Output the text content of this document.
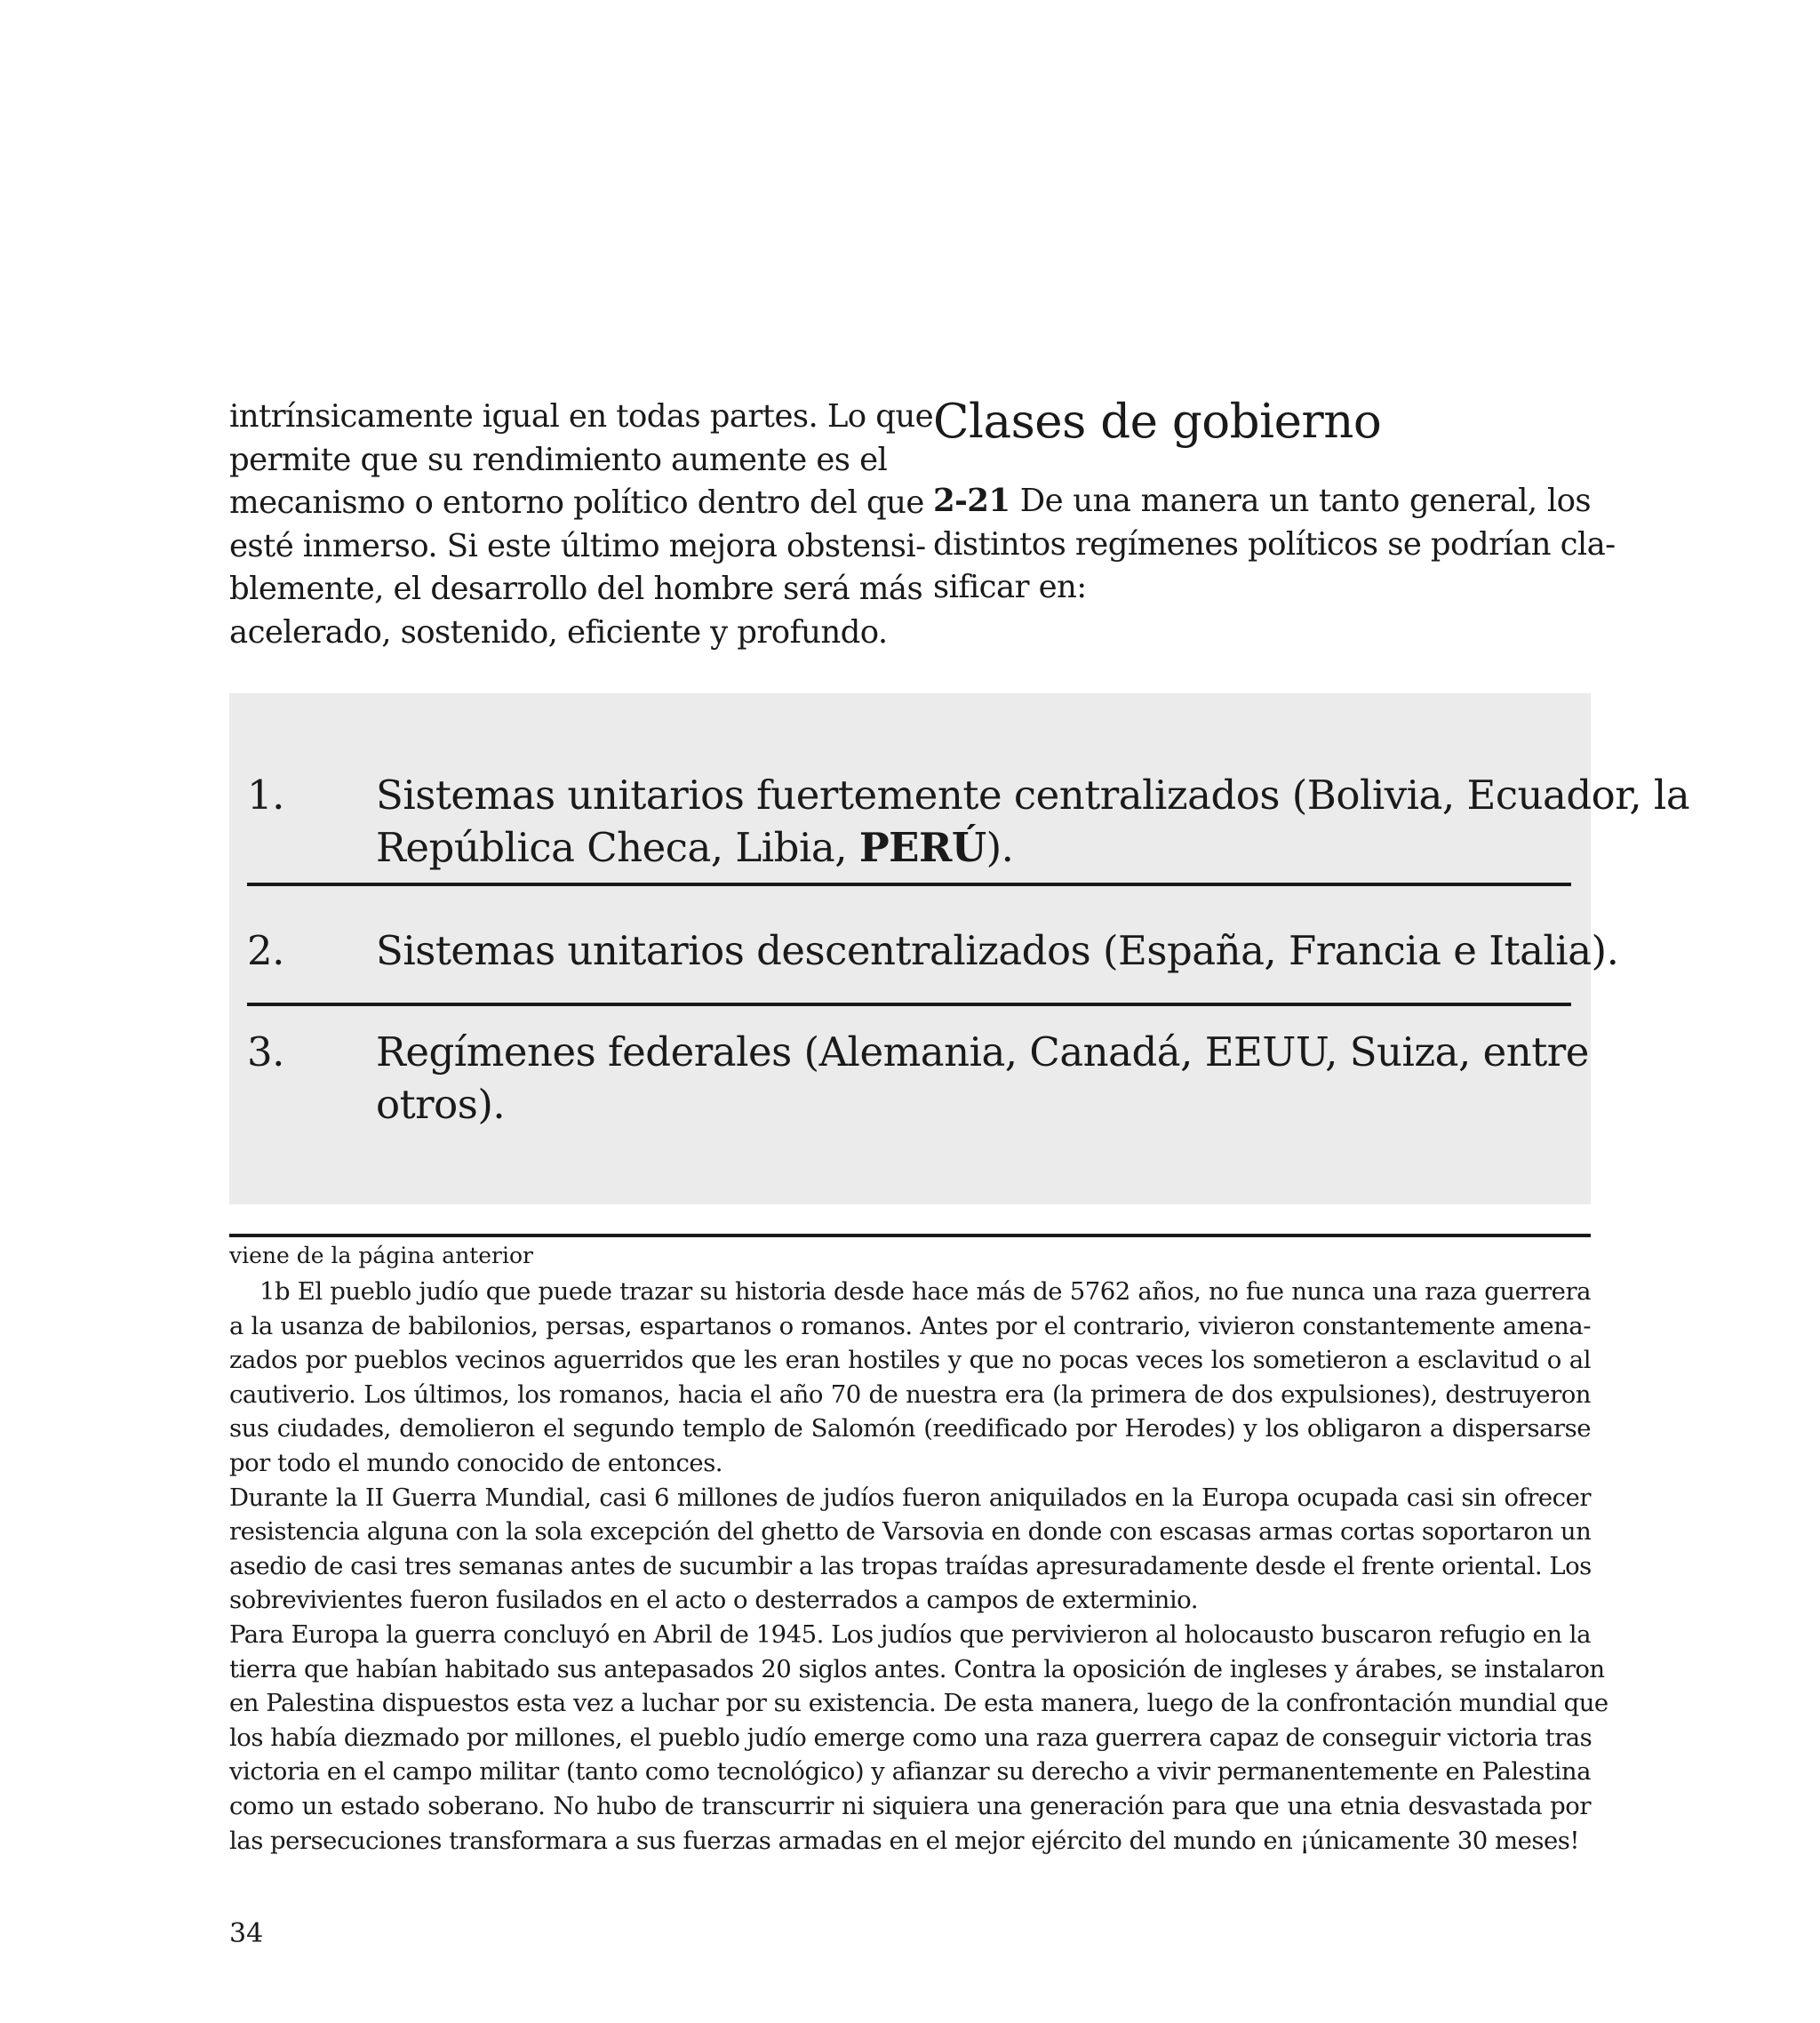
intrínsicamente igual en todas partes. Lo que
permite que su rendimiento aumente es el
mecanismo o entorno político dentro del que
esté inmerso. Si este último mejora obstensi-
blemente, el desarrollo del hombre será más
acelerado, sostenido, eficiente y profundo.
Clases de gobierno
2-21 De una manera un tanto general, los
distintos regímenes políticos se podrían cla-
sificar en:
1. Sistemas unitarios fuertemente centralizados (Bolivia, Ecuador, la
República Checa, Libia, PERÚ).
2. Sistemas unitarios descentralizados (España, Francia e Italia).
3. Regímenes federales (Alemania, Canadá, EEUU, Suiza, entre
otros).
viene de la página anterior
1b El pueblo judío que puede trazar su historia desde hace más de 5762 años, no fue nunca una raza guerrera
a la usanza de babilonios, persas, espartanos o romanos. Antes por el contrario, vivieron constantemente amena-
zados por pueblos vecinos aguerridos que les eran hostiles y que no pocas veces los sometieron a esclavitud o al
cautiverio. Los últimos, los romanos, hacia el año 70 de nuestra era (la primera de dos expulsiones), destruyeron
sus ciudades, demolieron el segundo templo de Salomón (reedificado por Herodes) y los obligaron a dispersarse
por todo el mundo conocido de entonces.
Durante la II Guerra Mundial, casi 6 millones de judíos fueron aniquilados en la Europa ocupada casi sin ofrecer
resistencia alguna con la sola excepción del ghetto de Varsovia en donde con escasas armas cortas soportaron un
asedio de casi tres semanas antes de sucumbir a las tropas traídas apresuradamente desde el frente oriental. Los
sobrevivientes fueron fusilados en el acto o desterrados a campos de exterminio.
Para Europa la guerra concluyó en Abril de 1945. Los judíos que pervivieron al holocausto buscaron refugio en la
tierra que habían habitado sus antepasados 20 siglos antes. Contra la oposición de ingleses y árabes, se instalaron
en Palestina dispuestos esta vez a luchar por su existencia. De esta manera, luego de la confrontación mundial que
los había diezmado por millones, el pueblo judío emerge como una raza guerrera capaz de conseguir victoria tras
victoria en el campo militar (tanto como tecnológico) y afianzar su derecho a vivir permanentemente en Palestina
como un estado soberano. No hubo de transcurrir ni siquiera una generación para que una etnia desvastada por
las persecuciones transformara a sus fuerzas armadas en el mejor ejército del mundo en ¡únicamente 30 meses!
34
